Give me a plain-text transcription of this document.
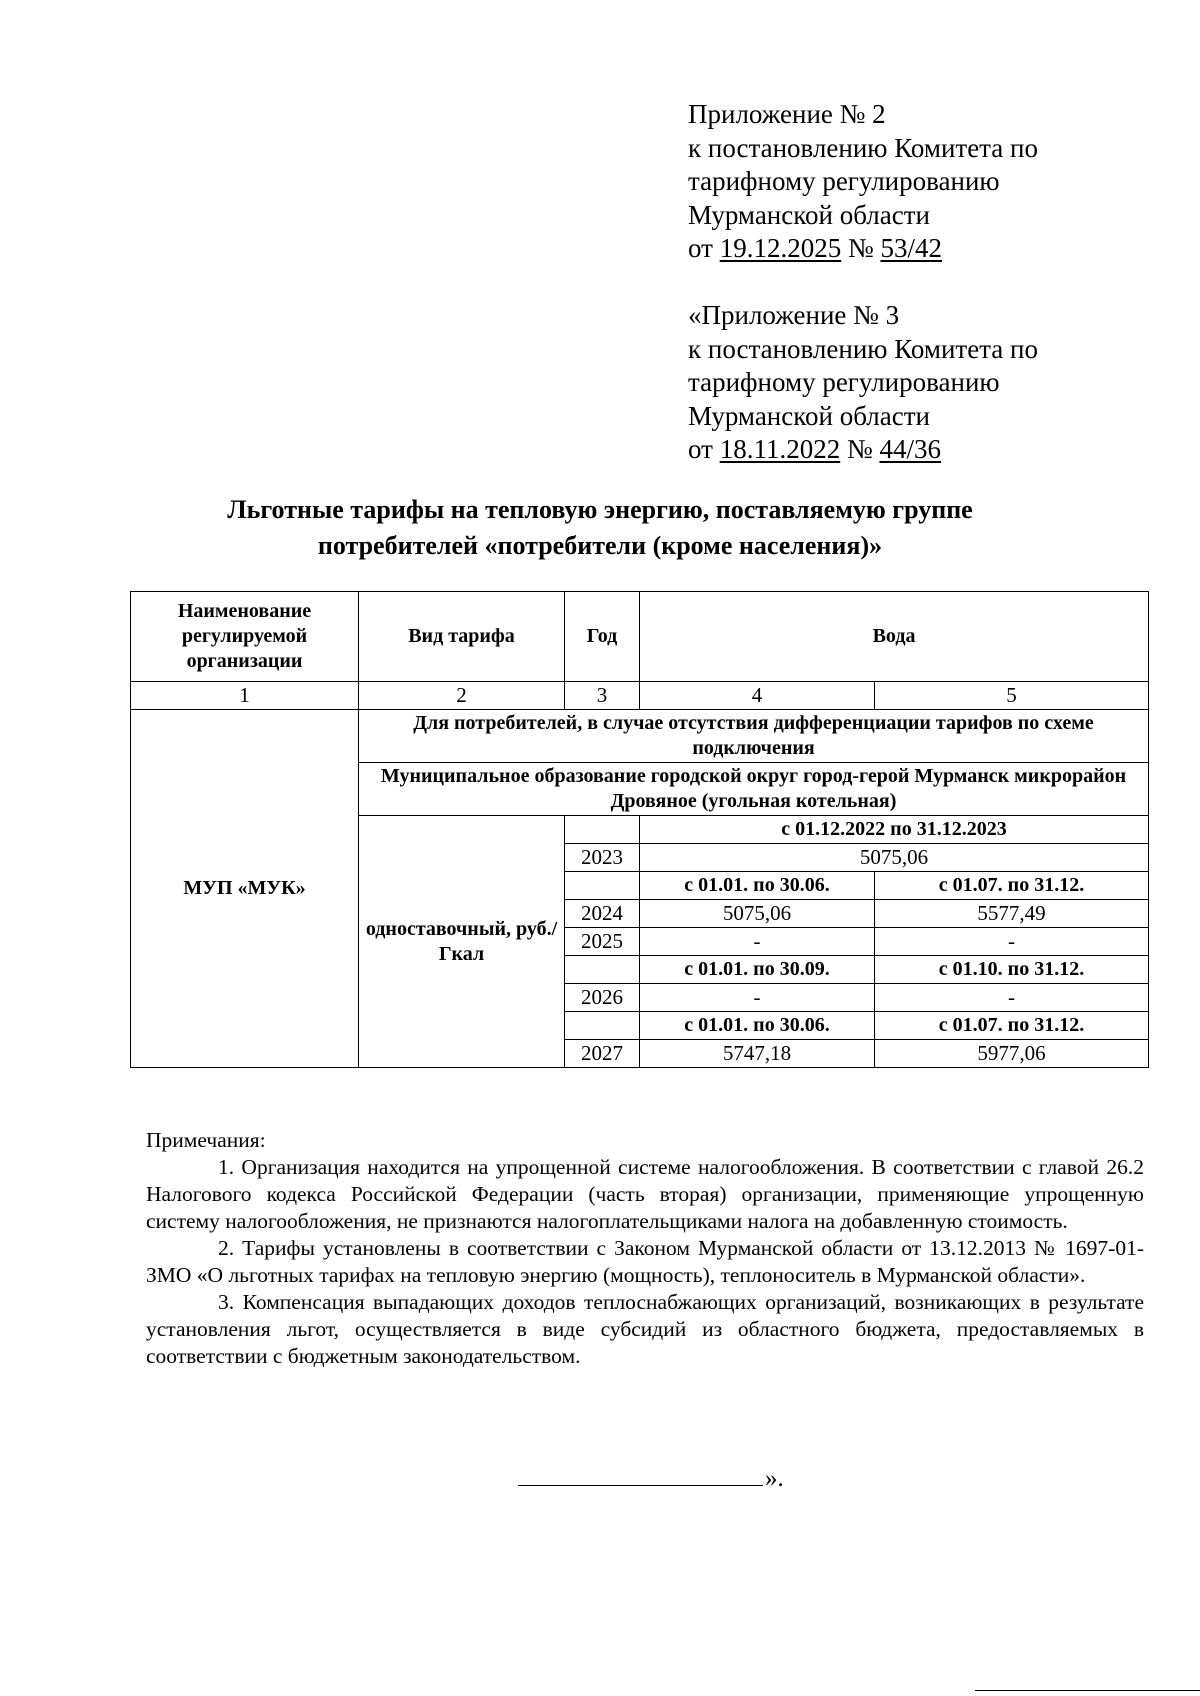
Приложение № 2
к постановлению Комитета по
тарифному регулированию
Мурманской области
от 19.12.2025 № 53/42
«Приложение № 3
к постановлению Комитета по
тарифному регулированию
Мурманской области
от 18.11.2022 № 44/36
Льготные тарифы на тепловую энергию, поставляемую группе
потребителей «потребители (кроме населения)»
Наименование регулируемой организации	Вид тарифа	Год	Вода	
1	2	3	4	5
МУП «МУК»	Для потребителей, в случае отсутствия дифференциации тарифов по схеме подключения			
	Муниципальное образование городской округ город-герой Мурманск микрорайон Дровяное (угольная котельная)			
	одноставочный, руб./Гкал		с 01.12.2022 по 31.12.2023	
		2023	5075,06	
			с 01.01. по 30.06.	с 01.07. по 31.12.
		2024	5075,06	5577,49
		2025	-	-
			с 01.01. по 30.09.	с 01.10. по 31.12.
		2026	-	-
			с 01.01. по 30.06.	с 01.07. по 31.12.
		2027	5747,18	5977,06

Примечания:

1. Организация находится на упрощенной системе налогообложения. В соответствии с главой 26.2 Налогового кодекса Российской Федерации (часть вторая) организации, применяющие упрощенную систему налогообложения, не признаются налогоплательщиками налога на добавленную стоимость.

2. Тарифы установлены в соответствии с Законом Мурманской области от 13.12.2013 № 1697-01-ЗМО «О льготных тарифах на тепловую энергию (мощность), теплоноситель в Мурманской области».

3. Компенсация выпадающих доходов теплоснабжающих организаций, возникающих в результате установления льгот, осуществляется в виде субсидий из областного бюджета, предоставляемых в соответствии с бюджетным законодательством.

».
